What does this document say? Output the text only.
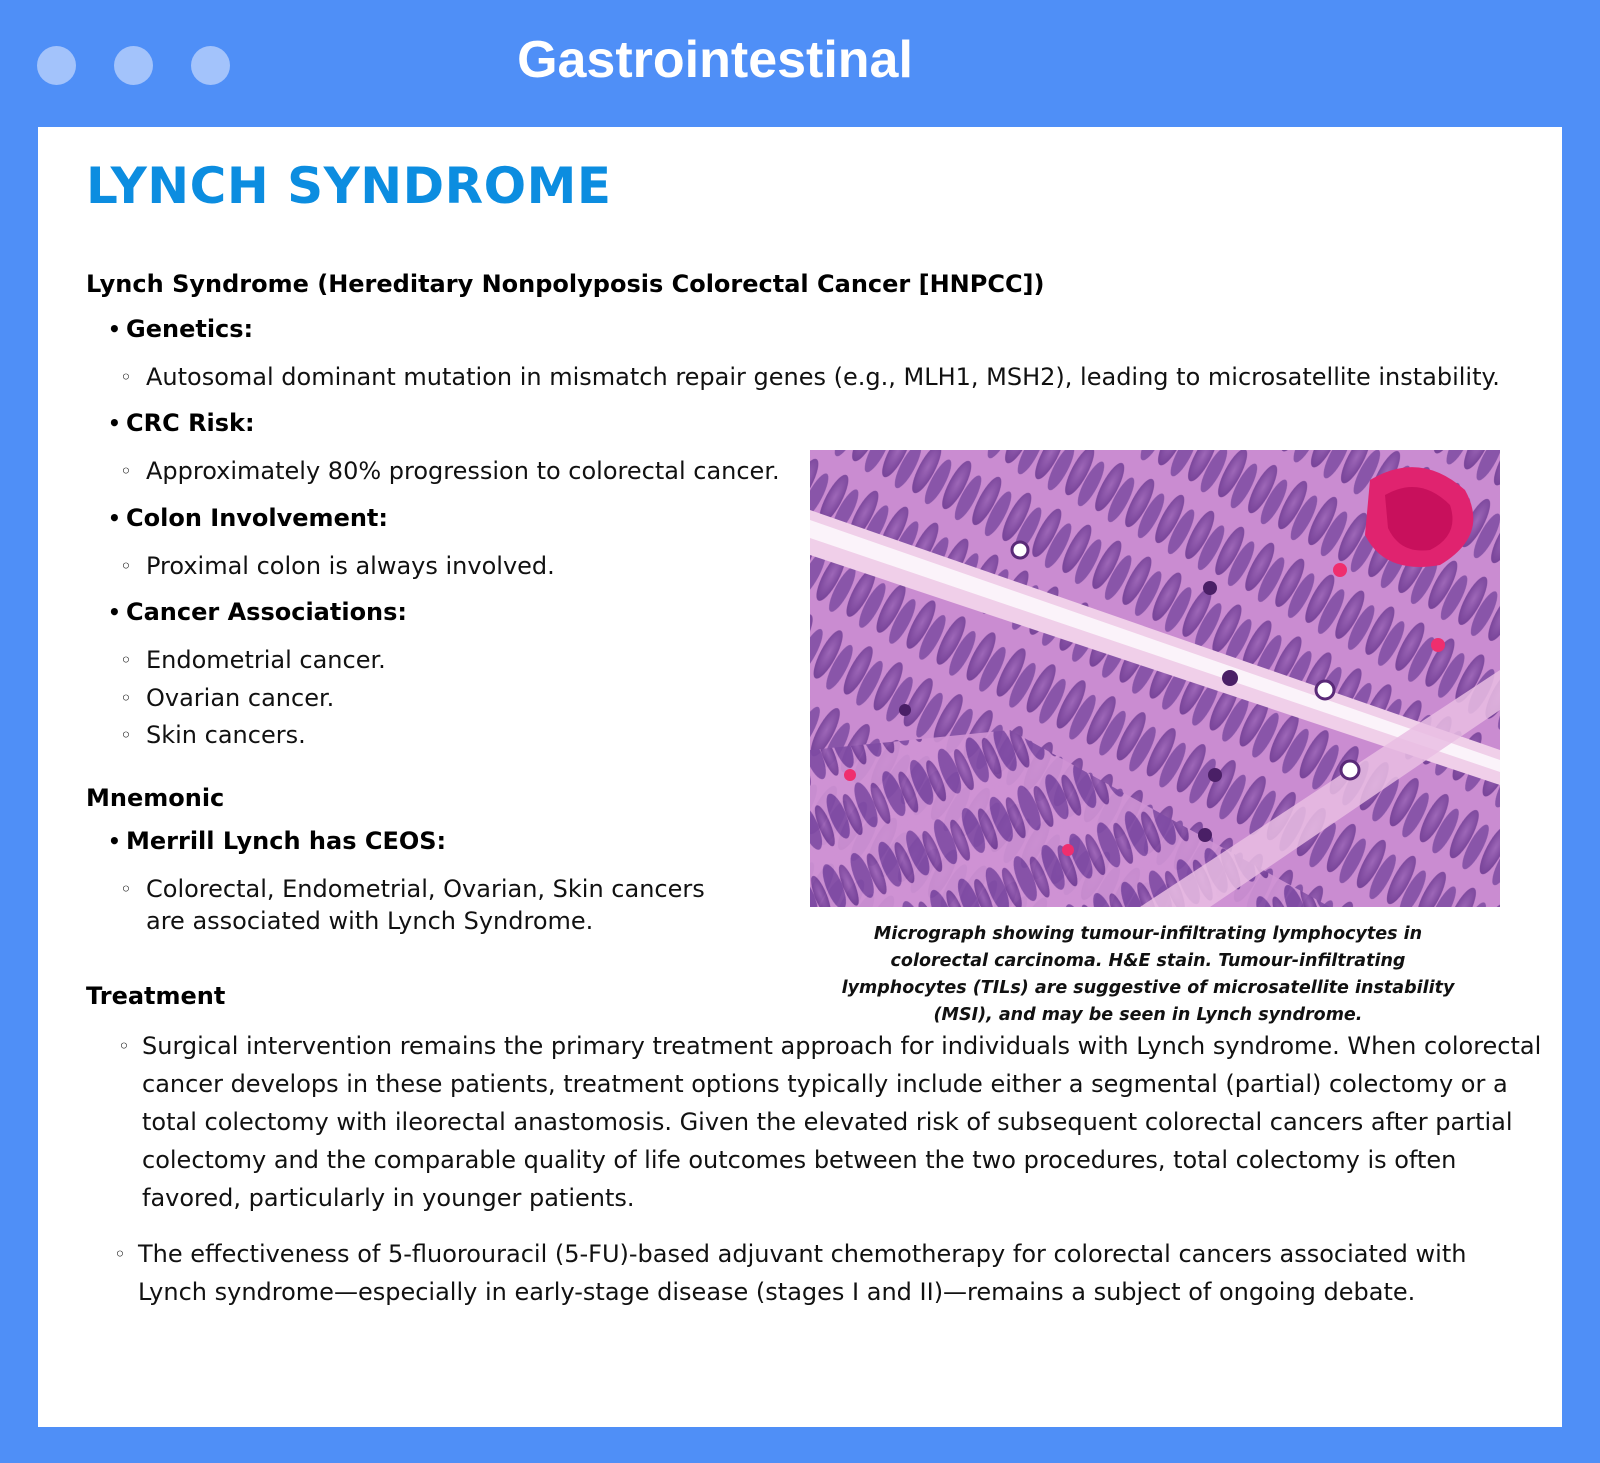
Gastrointestinal
LYNCH SYNDROME
Lynch Syndrome (Hereditary Nonpolyposis Colorectal Cancer [HNPCC])
• Genetics:
◦ Autosomal dominant mutation in mismatch repair genes (e.g., MLH1, MSH2), leading to microsatellite instability.
• CRC Risk:
◦ Approximately 80% progression to colorectal cancer.
• Colon Involvement:
◦ Proximal colon is always involved.
• Cancer Associations:
◦ Endometrial cancer.
◦ Ovarian cancer.
◦ Skin cancers.
Mnemonic
• Merrill Lynch has CEOS:
◦ Colorectal, Endometrial, Ovarian, Skin cancers are associated with Lynch Syndrome.	Micrograph showing tumour-infiltrating lymphocytes in colorectal carcinoma. H&E stain. Tumour-infiltrating lymphocytes (TILs) are suggestive of microsatellite instability (MSI), and may be seen in Lynch syndrome.
Treatment
◦ Surgical intervention remains the primary treatment approach for individuals with Lynch syndrome. When colorectal cancer develops in these patients, treatment options typically include either a segmental (partial) colectomy or a total colectomy with ileorectal anastomosis. Given the elevated risk of subsequent colorectal cancers after partial colectomy and the comparable quality of life outcomes between the two procedures, total colectomy is often favored, particularly in younger patients.
◦ The effectiveness of 5-fluorouracil (5-FU)-based adjuvant chemotherapy for colorectal cancers associated with Lynch syndrome—especially in early-stage disease (stages I and II)—remains a subject of ongoing debate.
